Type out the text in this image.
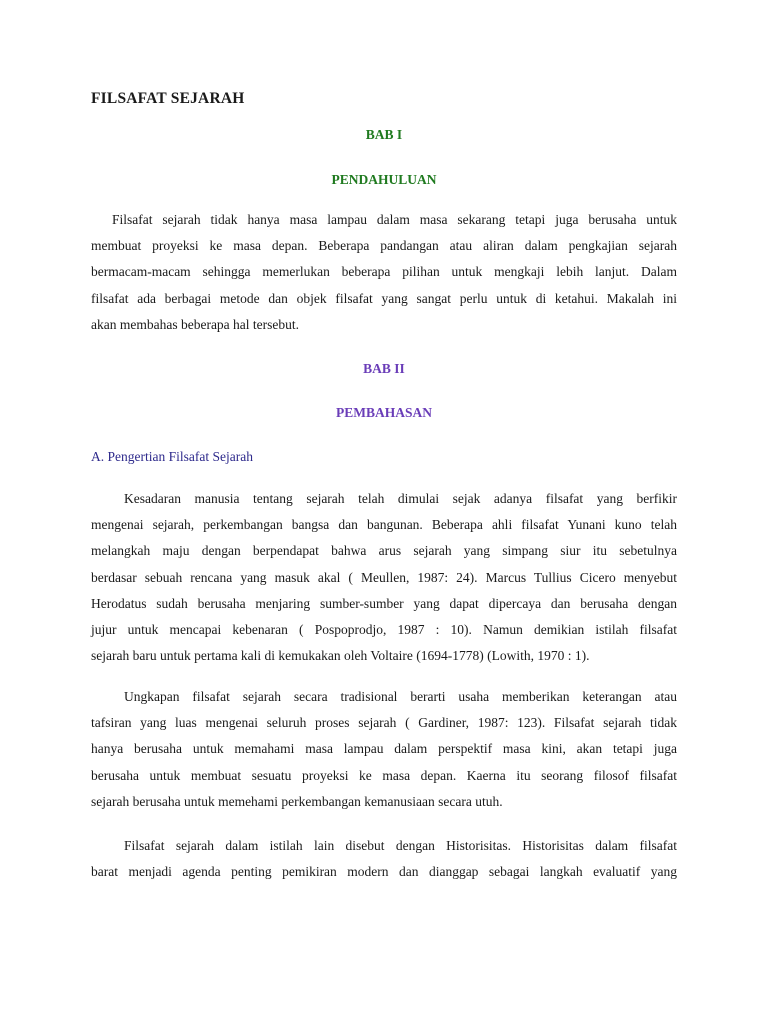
FILSAFAT SEJARAH

BAB I

PENDAHULUAN

Filsafat sejarah tidak hanya masa lampau dalam masa sekarang tetapi juga berusaha untuk
membuat proyeksi ke masa depan. Beberapa pandangan atau aliran dalam pengkajian sejarah
bermacam-macam sehingga memerlukan beberapa pilihan untuk mengkaji lebih lanjut. Dalam
filsafat ada berbagai metode dan objek filsafat yang sangat perlu untuk di ketahui. Makalah ini
akan membahas beberapa hal tersebut.

BAB II

PEMBAHASAN

A. Pengertian Filsafat Sejarah

Kesadaran manusia tentang sejarah telah dimulai sejak adanya filsafat yang berfikir
mengenai sejarah, perkembangan bangsa dan bangunan. Beberapa ahli filsafat Yunani kuno telah
melangkah maju dengan berpendapat bahwa arus sejarah yang simpang siur itu sebetulnya
berdasar sebuah rencana yang masuk akal ( Meullen, 1987: 24). Marcus Tullius Cicero menyebut
Herodatus sudah berusaha menjaring sumber-sumber yang dapat dipercaya dan berusaha dengan
jujur untuk mencapai kebenaran ( Pospoprodjo, 1987 : 10). Namun demikian istilah filsafat
sejarah baru untuk pertama kali di kemukakan oleh Voltaire (1694-1778) (Lowith, 1970 : 1).
Ungkapan filsafat sejarah secara tradisional berarti usaha memberikan keterangan atau
tafsiran yang luas mengenai seluruh proses sejarah ( Gardiner, 1987: 123). Filsafat sejarah tidak
hanya berusaha untuk memahami masa lampau dalam perspektif masa kini, akan tetapi juga
berusaha untuk membuat sesuatu proyeksi ke masa depan. Kaerna itu seorang filosof filsafat
sejarah berusaha untuk memehami perkembangan kemanusiaan secara utuh.
Filsafat sejarah dalam istilah lain disebut dengan Historisitas. Historisitas dalam filsafat
barat menjadi agenda penting pemikiran modern dan dianggap sebagai langkah evaluatif yang
